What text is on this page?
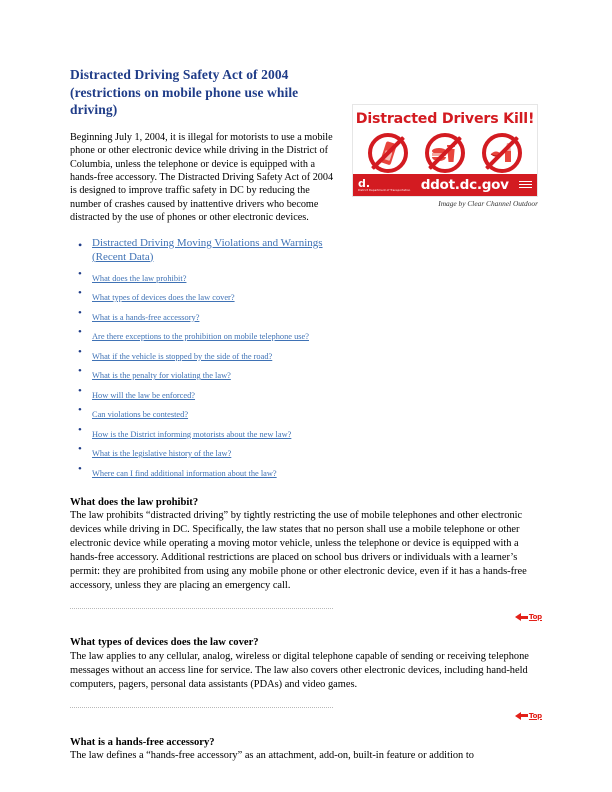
Distracted Drivers Kill!
d.
District Department of Transportation ddot.dc.gov
Image by Clear Channel Outdoor
Distracted Driving Safety Act of 2004
(restrictions on mobile phone use while
driving)

Beginning July 1, 2004, it is illegal for motorists to use a mobile phone or other electronic device while driving in the District of Columbia, unless the telephone or device is equipped with a hands-free accessory. The Distracted Driving Safety Act of 2004 is designed to improve traffic safety in DC by reducing the number of crashes caused by inattentive drivers who become distracted by the use of phones or other electronic devices.

• Distracted Driving Moving Violations and Warnings (Recent Data)
• What does the law prohibit?
• What types of devices does the law cover?
• What is a hands-free accessory?
• Are there exceptions to the prohibition on mobile telephone use?
• What if the vehicle is stopped by the side of the road?
• What is the penalty for violating the law?
• How will the law be enforced?
• Can violations be contested?
• How is the District informing motorists about the new law?
• What is the legislative history of the law?
• Where can I find additional information about the law?
What does the law prohibit?

The law prohibits “distracted driving” by tightly restricting the use of mobile telephones and other electronic devices while driving in DC. Specifically, the law states that no person shall use a mobile telephone or other electronic device while operating a moving motor vehicle, unless the telephone or device is equipped with a hands-free accessory. Additional restrictions are placed on school bus drivers or individuals with a learner’s permit: they are prohibited from using any mobile phone or other electronic device, even if it has a hands-free accessory, unless they are placing an emergency call.

Top
What types of devices does the law cover?

The law applies to any cellular, analog, wireless or digital telephone capable of sending or receiving telephone messages without an access line for service. The law also covers other electronic devices, including hand-held computers, pagers, personal data assistants (PDAs) and video games.

Top
What is a hands-free accessory?

The law defines a “hands-free accessory” as an attachment, add-on, built-in feature or addition to
